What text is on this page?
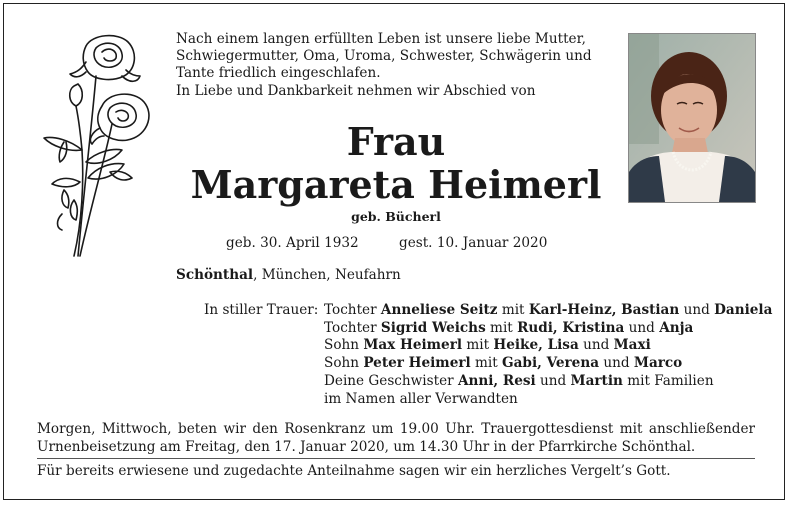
Nach einem langen erfüllten Leben ist unsere liebe Mutter,
Schwiegermutter, Oma, Uroma, Schwester, Schwägerin und
Tante friedlich eingeschlafen.
In Liebe und Dankbarkeit nehmen wir Abschied von

Frau
Margareta Heimerl
geb. Bücherl
geb. 30. April 1932	gest. 10. Januar 2020
Schönthal, München, Neufahrn
In stiller Trauer: Tochter Anneliese Seitz mit Karl-Heinz, Bastian und Daniela
Tochter Sigrid Weichs mit Rudi, Kristina und Anja
Sohn Max Heimerl mit Heike, Lisa und Maxi
Sohn Peter Heimerl mit Gabi, Verena und Marco
Deine Geschwister Anni, Resi und Martin mit Familien
im Namen aller Verwandten

Morgen, Mittwoch, beten wir den Rosenkranz um 19.00 Uhr. Trauergottesdienst mit anschließender Urnenbeisetzung am Freitag, den 17. Januar 2020, um 14.30 Uhr in der Pfarrkirche Schönthal.

Für bereits erwiesene und zugedachte Anteilnahme sagen wir ein herzliches Vergelt’s Gott.
